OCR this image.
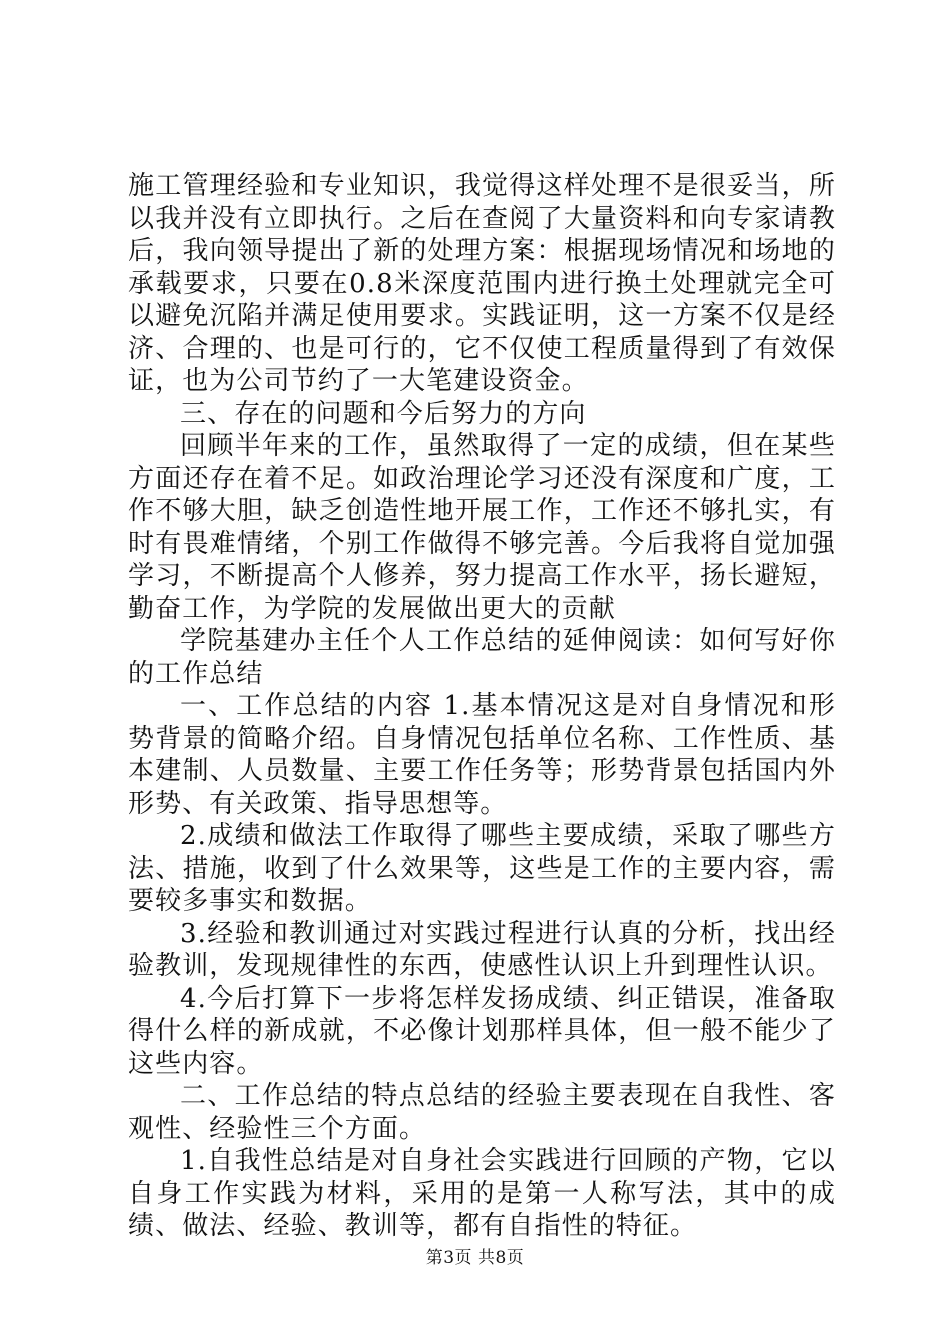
施工管理经验和专业知识，我觉得这样处理不是很妥当，所以我并没有立即执行。之后在查阅了大量资料和向专家请教后，我向领导提出了新的处理方案：根据现场情况和场地的承载要求，只要在0.8米深度范围内进行换土处理就完全可以避免沉陷并满足使用要求。实践证明，这一方案不仅是经济、合理的、也是可行的，它不仅使工程质量得到了有效保证，也为公司节约了一大笔建设资金。

三、存在的问题和今后努力的方向

回顾半年来的工作，虽然取得了一定的成绩，但在某些方面还存在着不足。如政治理论学习还没有深度和广度，工作不够大胆，缺乏创造性地开展工作，工作还不够扎实，有时有畏难情绪，个别工作做得不够完善。今后我将自觉加强学习，不断提高个人修养，努力提高工作水平，扬长避短，勤奋工作，为学院的发展做出更大的贡献

学院基建办主任个人工作总结的延伸阅读：如何写好你的工作总结

一、工作总结的内容 1.基本情况这是对自身情况和形势背景的简略介绍。自身情况包括单位名称、工作性质、基本建制、人员数量、主要工作任务等；形势背景包括国内外形势、有关政策、指导思想等。

2.成绩和做法工作取得了哪些主要成绩，采取了哪些方法、措施，收到了什么效果等，这些是工作的主要内容，需要较多事实和数据。

3.经验和教训通过对实践过程进行认真的分析，找出经验教训，发现规律性的东西，使感性认识上升到理性认识。

4.今后打算下一步将怎样发扬成绩、纠正错误，准备取得什么样的新成就，不必像计划那样具体，但一般不能少了这些内容。

二、工作总结的特点总结的经验主要表现在自我性、客观性、经验性三个方面。

1.自我性总结是对自身社会实践进行回顾的产物，它以自身工作实践为材料，采用的是第一人称写法，其中的成绩、做法、经验、教训等，都有自指性的特征。

第3页 共8页
